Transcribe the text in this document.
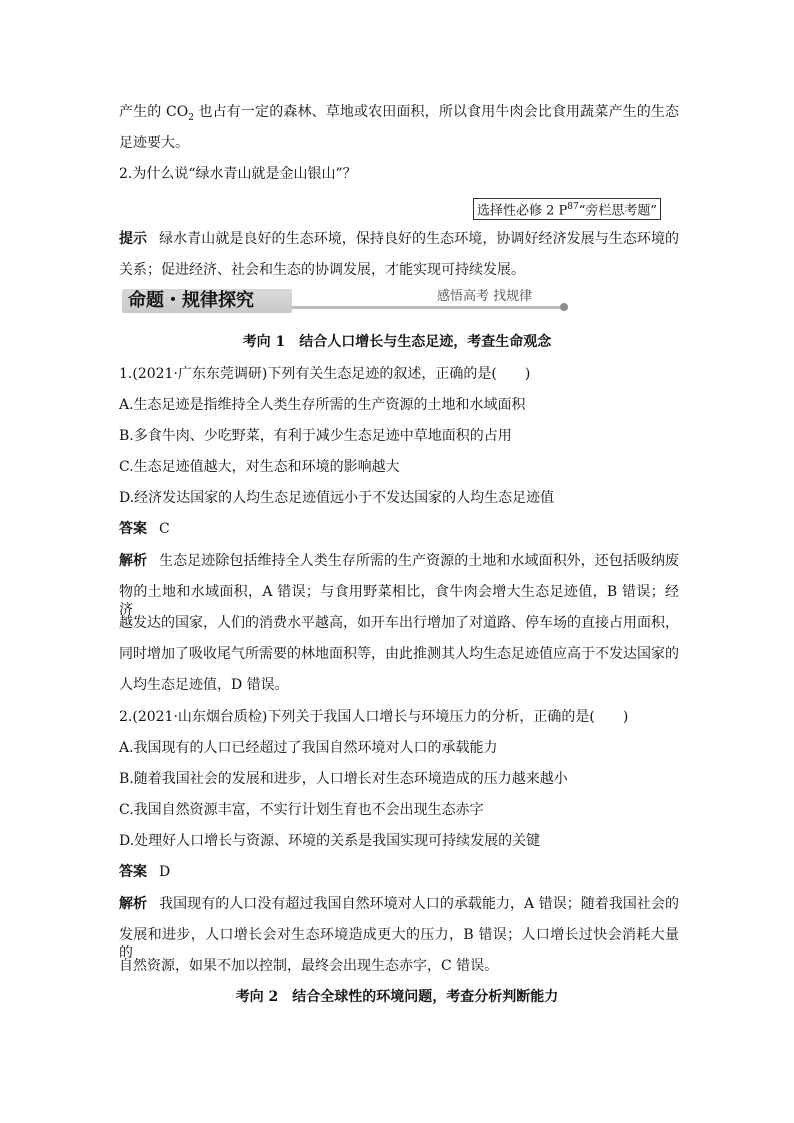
产生的 $CO_2$ 也占有一定的森林、草地或农田面积，所以食用牛肉会比食用蔬菜产生的生态
足迹要大。
2.为什么说“绿水青山就是金山银山”？
选择性必修 2 $P^{87}“$旁栏思考题”
提示 绿水青山就是良好的生态环境，保持良好的生态环境，协调好经济发展与生态环境的
关系；促进经济、社会和生态的协调发展，才能实现可持续发展。
命题・规律探究	感悟高考 找规律
考向 1　结合人口增长与生态足迹，考查生命观念
1.(2021·广东东莞调研)下列有关生态足迹的叙述，正确的是(　　)
A.生态足迹是指维持全人类生存所需的生产资源的土地和水域面积
B.多食牛肉、少吃野菜，有利于减少生态足迹中草地面积的占用
C.生态足迹值越大，对生态和环境的影响越大
D.经济发达国家的人均生态足迹值远小于不发达国家的人均生态足迹值
答案 C
解析 生态足迹除包括维持全人类生存所需的生产资源的土地和水域面积外，还包括吸纳废
物的土地和水域面积，A 错误；与食用野菜相比，食牛肉会增大生态足迹值，B 错误；经济
越发达的国家，人们的消费水平越高，如开车出行增加了对道路、停车场的直接占用面积，
同时增加了吸收尾气所需要的林地面积等，由此推测其人均生态足迹值应高于不发达国家的
人均生态足迹值，D 错误。
2.(2021·山东烟台质检)下列关于我国人口增长与环境压力的分析，正确的是(　　)
A.我国现有的人口已经超过了我国自然环境对人口的承载能力
B.随着我国社会的发展和进步，人口增长对生态环境造成的压力越来越小
C.我国自然资源丰富，不实行计划生育也不会出现生态赤字
D.处理好人口增长与资源、环境的关系是我国实现可持续发展的关键
答案 D
解析 我国现有的人口没有超过我国自然环境对人口的承载能力，A 错误；随着我国社会的
发展和进步，人口增长会对生态环境造成更大的压力，B 错误；人口增长过快会消耗大量的
自然资源，如果不加以控制，最终会出现生态赤字，C 错误。
考向 2　结合全球性的环境问题，考查分析判断能力
